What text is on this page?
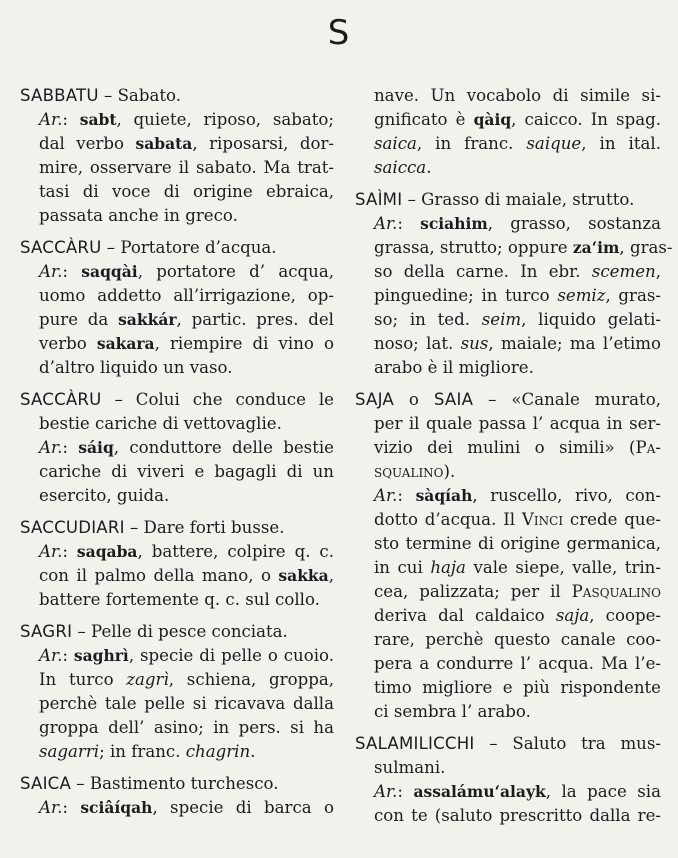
S
SABBATU – Sabato.
Ar.: sabt, quiete, riposo, sabato;
dal verbo sabata, riposarsi, dor-
mire, osservare il sabato. Ma trat-
tasi di voce di origine ebraica,
passata anche in greco.
SACCÀRU – Portatore d’acqua.
Ar.: saqqài, portatore d’ acqua,
uomo addetto all’irrigazione, op-
pure da sakkár, partic. pres. del
verbo sakara, riempire di vino o
d’altro liquido un vaso.
SACCÀRU – Colui che conduce le
bestie cariche di vettovaglie.
Ar.: sáiq, conduttore delle bestie
cariche di viveri e bagagli di un
esercito, guida.
SACCUDIARI – Dare forti busse.
Ar.: saqaba, battere, colpire q. c.
con il palmo della mano, o sakka,
battere fortemente q. c. sul collo.
SAGRI – Pelle di pesce conciata.
Ar.: saghrì, specie di pelle o cuoio.
In turco zagrì, schiena, groppa,
perchè tale pelle si ricavava dalla
groppa dell’ asino; in pers. si ha
sagarri; in franc. chagrin.
SAICA – Bastimento turchesco.
Ar.: sciâíqah, specie di barca o
nave. Un vocabolo di simile si-
gnificato è qàiq, caicco. In spag.
saica, in franc. saique, in ital.
saicca.
SAÌMI – Grasso di maiale, strutto.
Ar.: sciahim, grasso, sostanza
grassa, strutto; oppure za‘im, gras-
so della carne. In ebr. scemen,
pinguedine; in turco semiz, gras-
so; in ted. seim, liquido gelati-
noso; lat. sus, maiale; ma l’etimo
arabo è il migliore.
SAJA o SAIA – «Canale murato,
per il quale passa l’ acqua in ser-
vizio dei mulini o simili» (Pa-
squalino).
Ar.: sàqíah, ruscello, rivo, con-
dotto d’acqua. Il Vinci crede que-
sto termine di origine germanica,
in cui haja vale siepe, valle, trin-
cea, palizzata; per il Pasqualino
deriva dal caldaico saja, coope-
rare, perchè questo canale coo-
pera a condurre l’ acqua. Ma l’e-
timo migliore e più rispondente
ci sembra l’ arabo.
SALAMILICCHI – Saluto tra mus-
sulmani.
Ar.: assalámu‘alayk, la pace sia
con te (saluto prescritto dalla re-
